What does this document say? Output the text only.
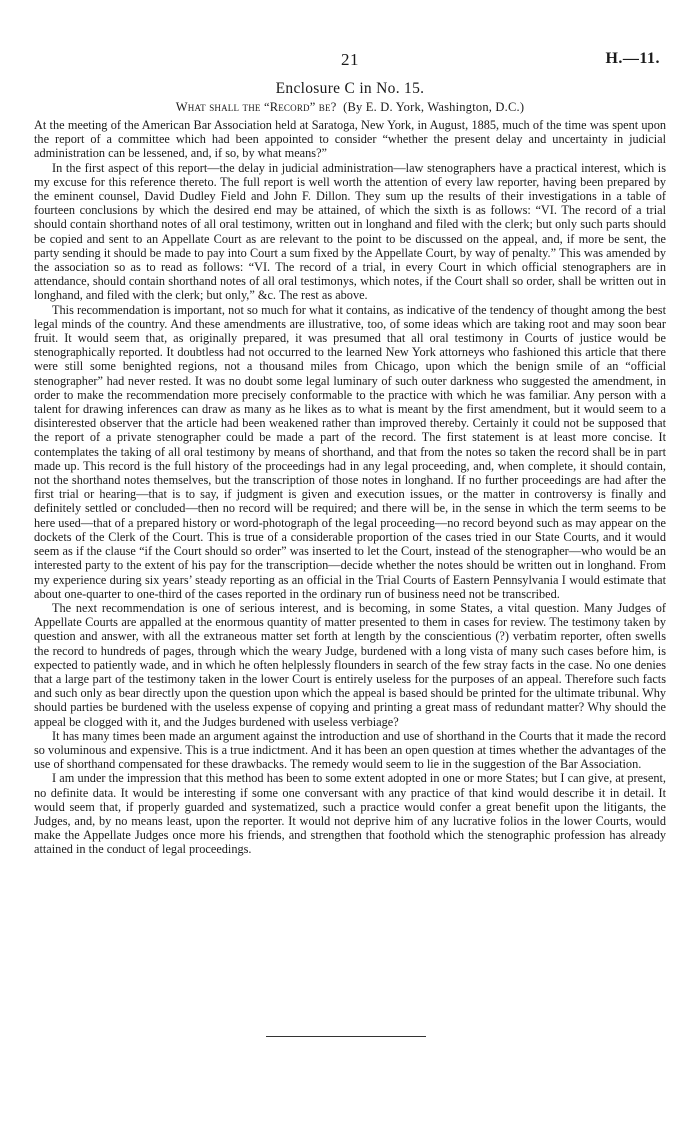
21	H.—11.
Enclosure C in No. 15.
What shall the “Record” be? (By E. D. York, Washington, D.C.)

At the meeting of the American Bar Association held at Saratoga, New York, in August, 1885, much of the time was spent upon the report of a committee which had been appointed to consider “whether the present delay and uncertainty in judicial administration can be lessened, and, if so, by what means?”

In the first aspect of this report—the delay in judicial administration—law stenographers have a practical interest, which is my excuse for this reference thereto. The full report is well worth the attention of every law reporter, having been prepared by the eminent counsel, David Dudley Field and John F. Dillon. They sum up the results of their investigations in a table of fourteen conclusions by which the desired end may be attained, of which the sixth is as follows: “VI. The record of a trial should contain shorthand notes of all oral testimony, written out in longhand and filed with the clerk; but only such parts should be copied and sent to an Appellate Court as are relevant to the point to be discussed on the appeal, and, if more be sent, the party sending it should be made to pay into Court a sum fixed by the Appellate Court, by way of penalty.” This was amended by the association so as to read as follows: “VI. The record of a trial, in every Court in which official stenographers are in attendance, should contain shorthand notes of all oral testimonys, which notes, if the Court shall so order, shall be written out in longhand, and filed with the clerk; but only,” &c. The rest as above.

This recommendation is important, not so much for what it contains, as indicative of the tendency of thought among the best legal minds of the country. And these amendments are illustrative, too, of some ideas which are taking root and may soon bear fruit. It would seem that, as originally prepared, it was presumed that all oral testimony in Courts of justice would be stenographically reported. It doubtless had not occurred to the learned New York attorneys who fashioned this article that there were still some benighted regions, not a thousand miles from Chicago, upon which the benign smile of an “official stenographer” had never rested. It was no doubt some legal luminary of such outer darkness who suggested the amendment, in order to make the recommendation more precisely conformable to the practice with which he was familiar. Any person with a talent for drawing inferences can draw as many as he likes as to what is meant by the first amendment, but it would seem to a disinterested observer that the article had been weakened rather than improved thereby. Certainly it could not be supposed that the report of a private stenographer could be made a part of the record. The first statement is at least more concise. It contemplates the taking of all oral testimony by means of shorthand, and that from the notes so taken the record shall be in part made up. This record is the full history of the proceedings had in any legal proceeding, and, when complete, it should contain, not the shorthand notes themselves, but the transcription of those notes in longhand. If no further proceedings are had after the first trial or hearing—that is to say, if judgment is given and execution issues, or the matter in controversy is finally and definitely settled or concluded—then no record will be required; and there will be, in the sense in which the term seems to be here used—that of a prepared history or word-photograph of the legal proceeding—no record beyond such as may appear on the dockets of the Clerk of the Court. This is true of a considerable proportion of the cases tried in our State Courts, and it would seem as if the clause “if the Court should so order” was inserted to let the Court, instead of the stenographer—who would be an interested party to the extent of his pay for the transcription—decide whether the notes should be written out in longhand. From my experience during six years’ steady reporting as an official in the Trial Courts of Eastern Pennsylvania I would estimate that about one-quarter to one-third of the cases reported in the ordinary run of business need not be transcribed.

The next recommendation is one of serious interest, and is becoming, in some States, a vital question. Many Judges of Appellate Courts are appalled at the enormous quantity of matter presented to them in cases for review. The testimony taken by question and answer, with all the extraneous matter set forth at length by the conscientious (?) verbatim reporter, often swells the record to hundreds of pages, through which the weary Judge, burdened with a long vista of many such cases before him, is expected to patiently wade, and in which he often helplessly flounders in search of the few stray facts in the case. No one denies that a large part of the testimony taken in the lower Court is entirely useless for the purposes of an appeal. Therefore such facts and such only as bear directly upon the question upon which the appeal is based should be printed for the ultimate tribunal. Why should parties be burdened with the useless expense of copying and printing a great mass of redundant matter? Why should the appeal be clogged with it, and the Judges burdened with useless verbiage?

It has many times been made an argument against the introduction and use of shorthand in the Courts that it made the record so voluminous and expensive. This is a true indictment. And it has been an open question at times whether the advantages of the use of shorthand compensated for these drawbacks. The remedy would seem to lie in the suggestion of the Bar Association.

I am under the impression that this method has been to some extent adopted in one or more States; but I can give, at present, no definite data. It would be interesting if some one conversant with any practice of that kind would describe it in detail. It would seem that, if properly guarded and systematized, such a practice would confer a great benefit upon the litigants, the Judges, and, by no means least, upon the reporter. It would not deprive him of any lucrative folios in the lower Courts, would make the Appellate Judges once more his friends, and strengthen that foothold which the stenographic profession has already attained in the conduct of legal proceedings.
